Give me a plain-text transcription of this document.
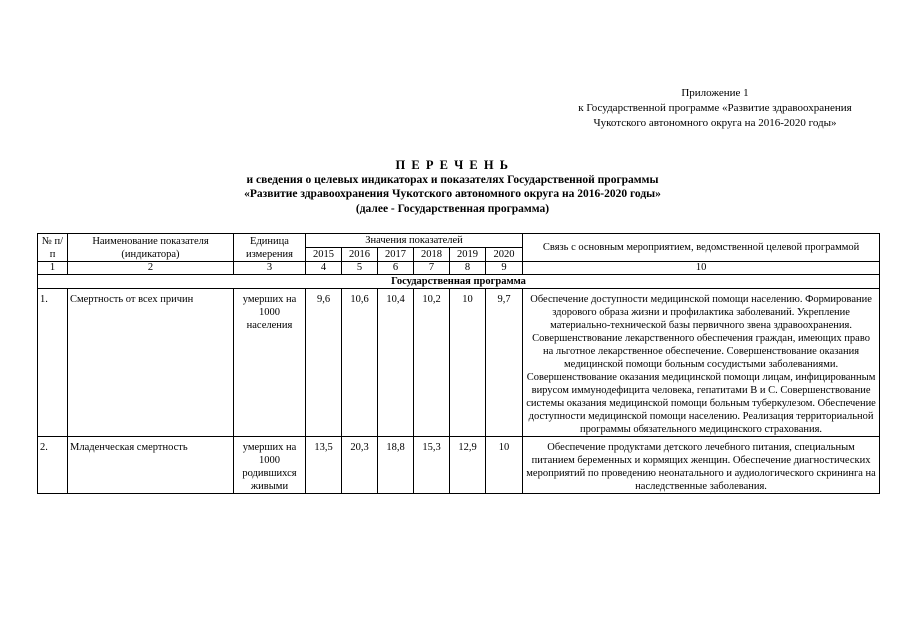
Приложение 1
к Государственной программе «Развитие здравоохранения
Чукотского автономного округа на 2016-2020 годы»
П Е Р Е Ч Е Н Ь
и сведения о целевых индикаторах и показателях Государственной программы
«Развитие здравоохранения Чукотского автономного округа на 2016-2020 годы»
(далее - Государственная программа)
№ п/п	Наименование показателя (индикатора)	Единица измерения	Значения показателей						Связь с основным мероприятием, ведомственной целевой программой
			2015	2016	2017	2018	2019	2020	
1	2	3	4	5	6	7	8	9	10
Государственная программа									
1.	Смертность от всех причин	умерших на 1000 населения	9,6	10,6	10,4	10,2	10	9,7	Обеспечение доступности медицинской помощи населению. Формирование здорового образа жизни и профилактика заболеваний. Укрепление материально-технической базы первичного звена здравоохранения. Совершенствование лекарственного обеспечения граждан, имеющих право на льготное лекарственное обеспечение. Совершенствование оказания медицинской помощи больным сосудистыми заболеваниями. Совершенствование оказания медицинской помощи лицам, инфицированным вирусом иммунодефицита человека, гепатитами В и С. Совершенствование системы оказания медицинской помощи больным туберкулезом. Обеспечение доступности медицинской помощи населению. Реализация территориальной программы обязательного медицинского страхования.
2.	Младенческая смертность	умерших на 1000 родившихся живыми	13,5	20,3	18,8	15,3	12,9	10	Обеспечение продуктами детского лечебного питания, специальным питанием беременных и кормящих женщин. Обеспечение диагностических мероприятий по проведению неонатального и аудиологического скрининга на наследственные заболевания.
